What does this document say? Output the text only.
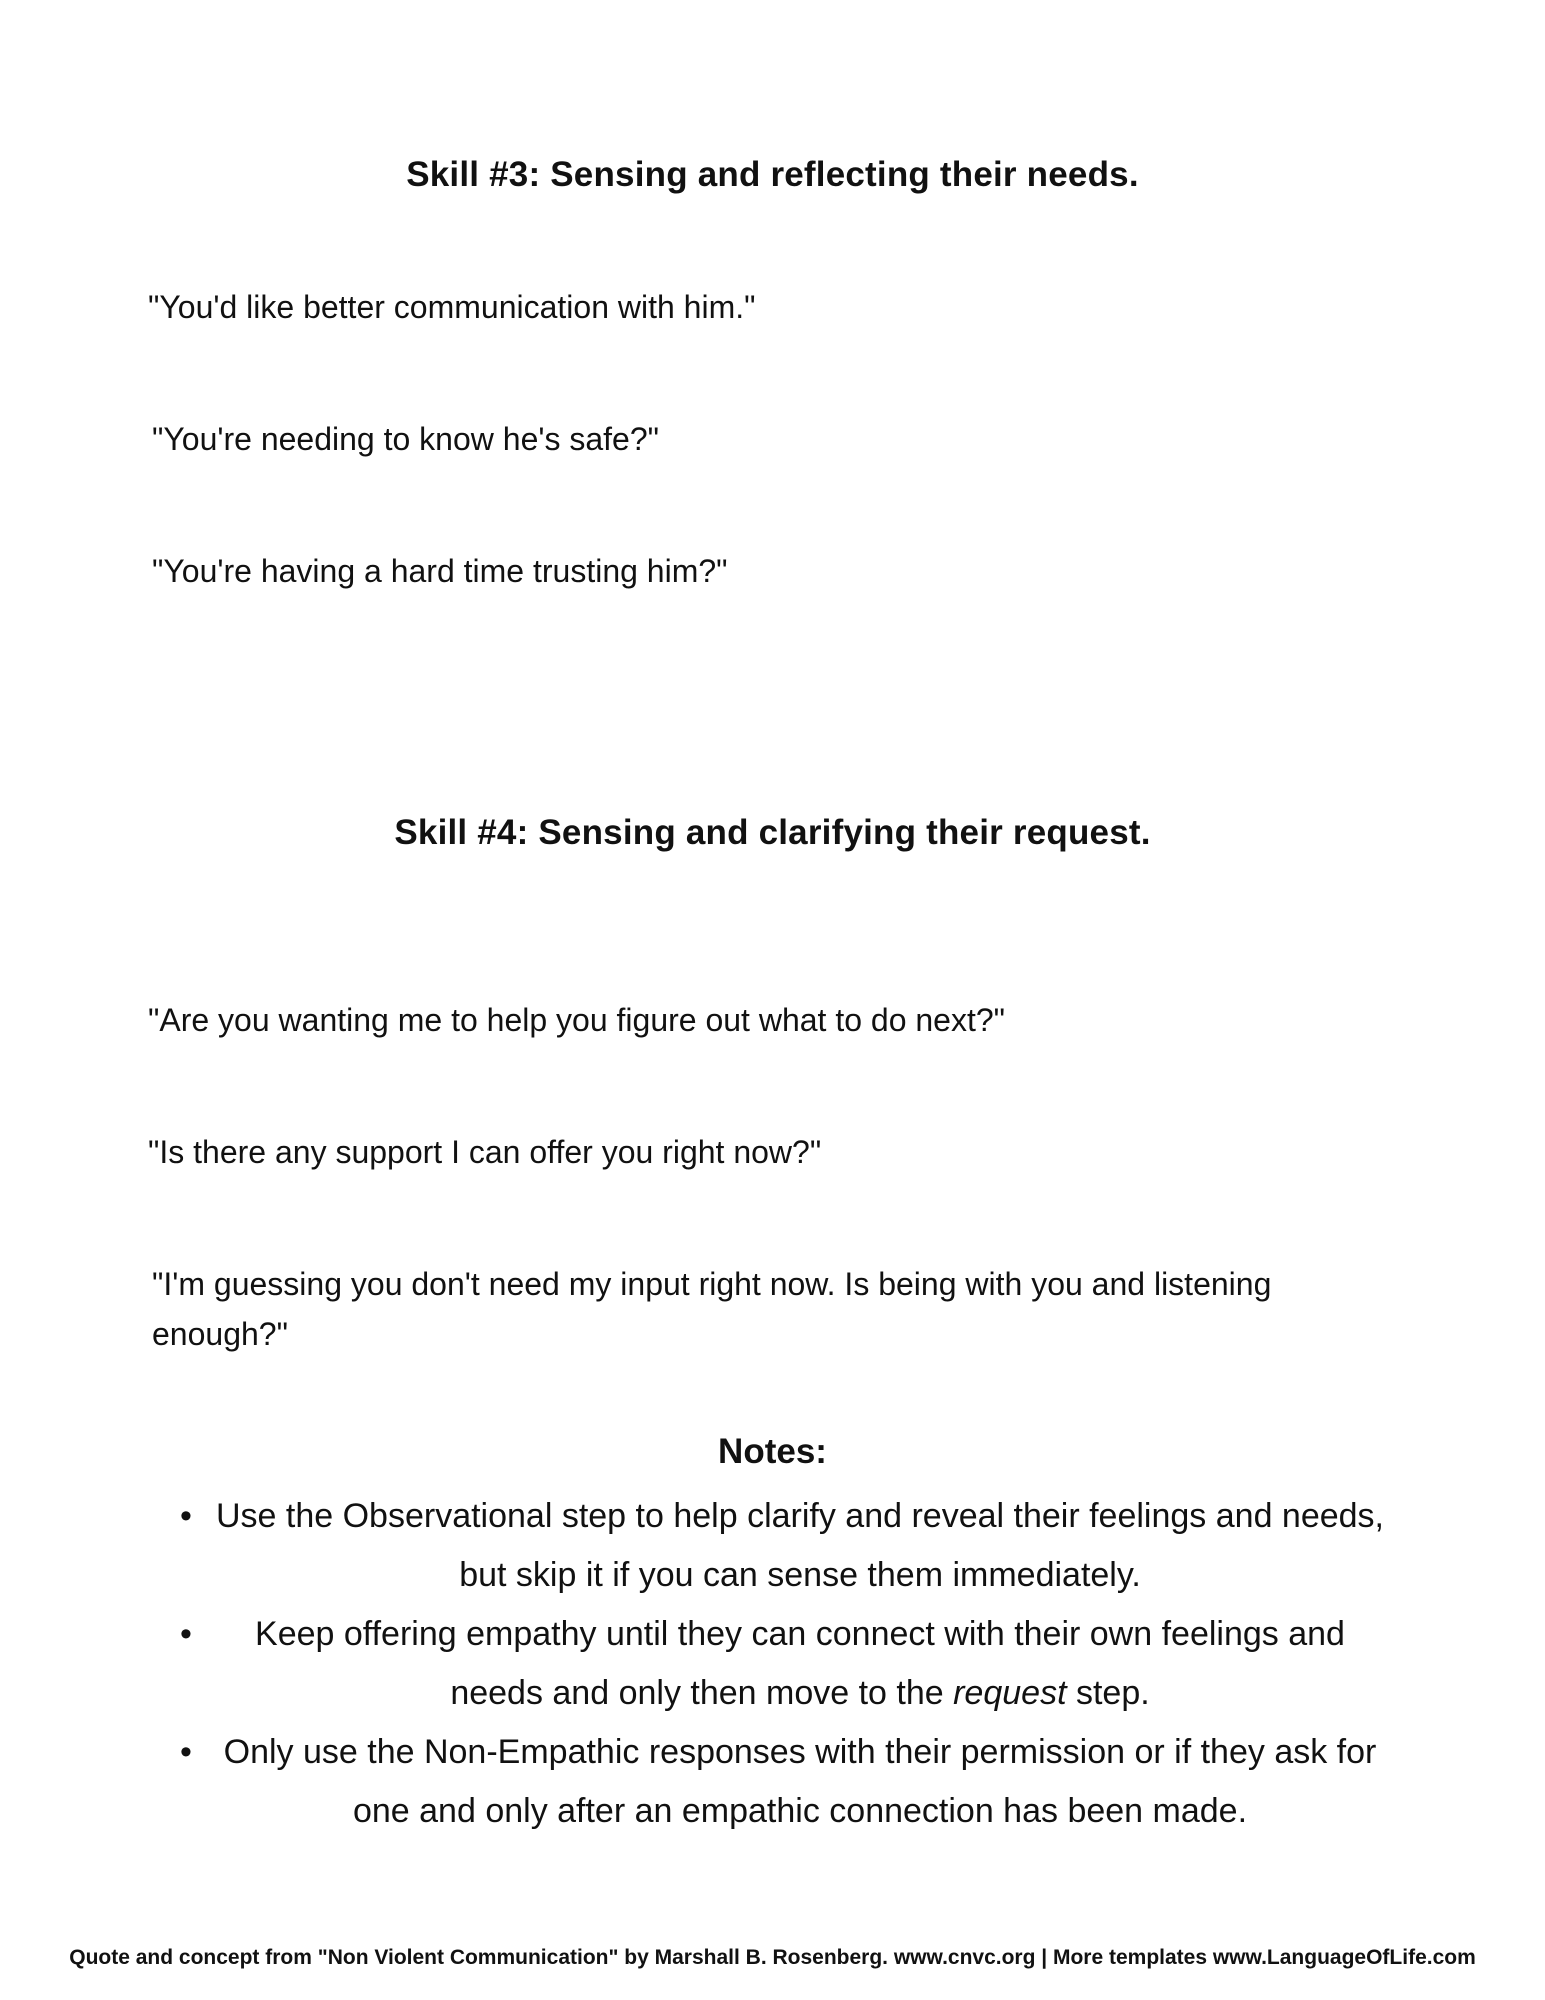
Skill #3: Sensing and reflecting their needs.
"You'd like better communication with him."
"You're needing to know he's safe?"
"You're having a hard time trusting him?"
Skill #4: Sensing and clarifying their request.
"Are you wanting me to help you figure out what to do next?"
"Is there any support I can offer you right now?"
"I'm guessing you don't need my input right now. Is being with you and listening enough?"
Notes:
• Use the Observational step to help clarify and reveal their feelings and needs, but skip it if you can sense them immediately.
• Keep offering empathy until they can connect with their own feelings and needs and only then move to the request step.
• Only use the Non-Empathic responses with their permission or if they ask for one and only after an empathic connection has been made.
Quote and concept from "Non Violent Communication" by Marshall B. Rosenberg. www.cnvc.org | More templates www.LanguageOfLife.com
